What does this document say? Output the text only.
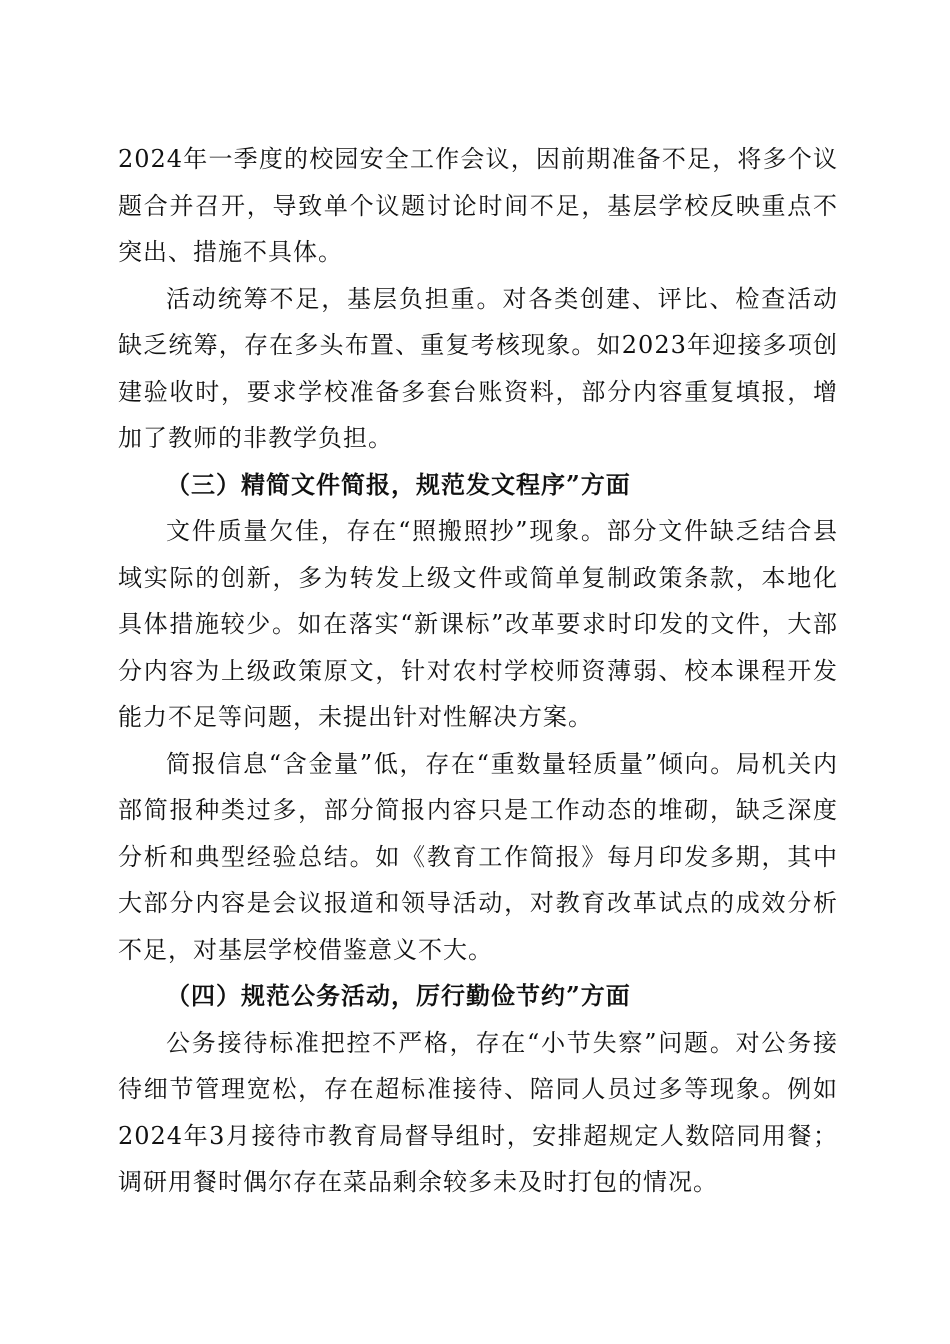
2024年一季度的校园安全工作会议，因前期准备不足，将多个议题合并召开，导致单个议题讨论时间不足，基层学校反映重点不突出、措施不具体。

活动统筹不足，基层负担重。对各类创建、评比、检查活动缺乏统筹，存在多头布置、重复考核现象。如2023年迎接多项创建验收时，要求学校准备多套台账资料，部分内容重复填报，增加了教师的非教学负担。

（三）精简文件简报，规范发文程序”方面

文件质量欠佳，存在“照搬照抄”现象。部分文件缺乏结合县域实际的创新，多为转发上级文件或简单复制政策条款，本地化具体措施较少。如在落实“新课标”改革要求时印发的文件，大部分内容为上级政策原文，针对农村学校师资薄弱、校本课程开发能力不足等问题，未提出针对性解决方案。

简报信息“含金量”低，存在“重数量轻质量”倾向。局机关内部简报种类过多，部分简报内容只是工作动态的堆砌，缺乏深度分析和典型经验总结。如《教育工作简报》每月印发多期，其中大部分内容是会议报道和领导活动，对教育改革试点的成效分析不足，对基层学校借鉴意义不大。

（四）规范公务活动，厉行勤俭节约”方面

公务接待标准把控不严格，存在“小节失察”问题。对公务接待细节管理宽松，存在超标准接待、陪同人员过多等现象。例如2024年3月接待市教育局督导组时，安排超规定人数陪同用餐；调研用餐时偶尔存在菜品剩余较多未及时打包的情况。
